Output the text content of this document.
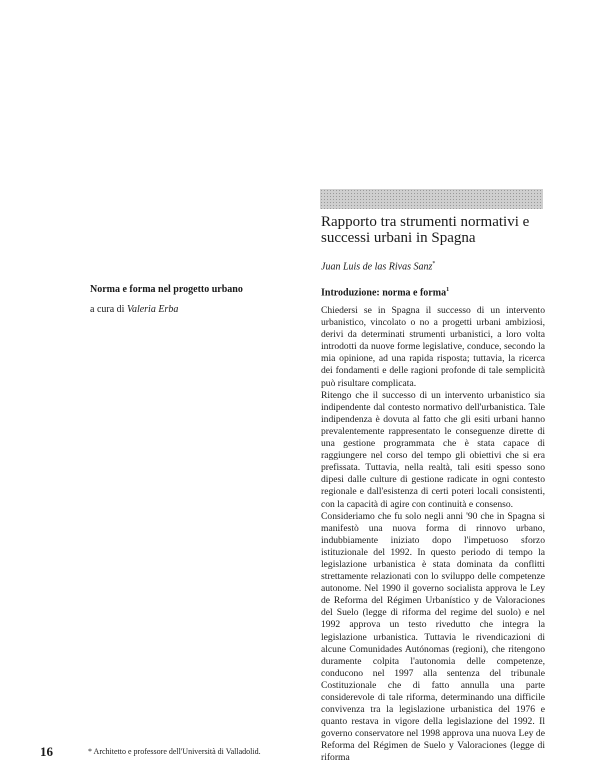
Rapporto tra strumenti normativi e successi urbani in Spagna
Juan Luis de las Rivas Sanz*
Introduzione: norma e forma$^1$

Chiedersi se in Spagna il successo di un intervento urbanistico, vincolato o no a progetti urbani ambiziosi, derivi da determinati strumenti urbanistici, a loro volta introdotti da nuove forme legislative, conduce, secondo la mia opinione, ad una rapida risposta; tuttavia, la ricerca dei fondamenti e delle ragioni profonde di tale semplicità può risultare complicata.

Ritengo che il successo di un intervento urbanistico sia indipendente dal contesto normativo dell'urbanistica. Tale indipendenza è dovuta al fatto che gli esiti urbani hanno prevalentemente rappresentato le conseguenze dirette di una gestione programmata che è stata capace di raggiungere nel corso del tempo gli obiettivi che si era prefissata. Tuttavia, nella realtà, tali esiti spesso sono dipesi dalle culture di gestione radicate in ogni contesto regionale e dall'esistenza di certi poteri locali consistenti, con la capacità di agire con continuità e consenso.

Consideriamo che fu solo negli anni '90 che in Spagna si manifestò una nuova forma di rinnovo urbano, indubbiamente iniziato dopo l'impetuoso sforzo istituzionale del 1992. In questo periodo di tempo la legislazione urbanistica è stata dominata da conflitti strettamente relazionati con lo sviluppo delle competenze autonome. Nel 1990 il governo socialista approva le Ley de Reforma del Régimen Urbanístico y de Valoraciones del Suelo (legge di riforma del regime del suolo) e nel 1992 approva un testo rivedutto che integra la legislazione urbanistica. Tuttavia le rivendicazioni di alcune Comunidades Autónomas (regioni), che ritengono duramente colpita l'autonomia delle competenze, conducono nel 1997 alla sentenza del tribunale Costituzionale che di fatto annulla una parte considerevole di tale riforma, determinando una difficile convivenza tra la legislazione urbanistica del 1976 e quanto restava in vigore della legislazione del 1992. Il governo conservatore nel 1998 approva una nuova Ley de Reforma del Régimen de Suelo y Valoraciones (legge di riforma

Norma e forma nel progetto urbano
a cura di Valeria Erba
16	* Architetto e professore dell'Università di Valladolid.
